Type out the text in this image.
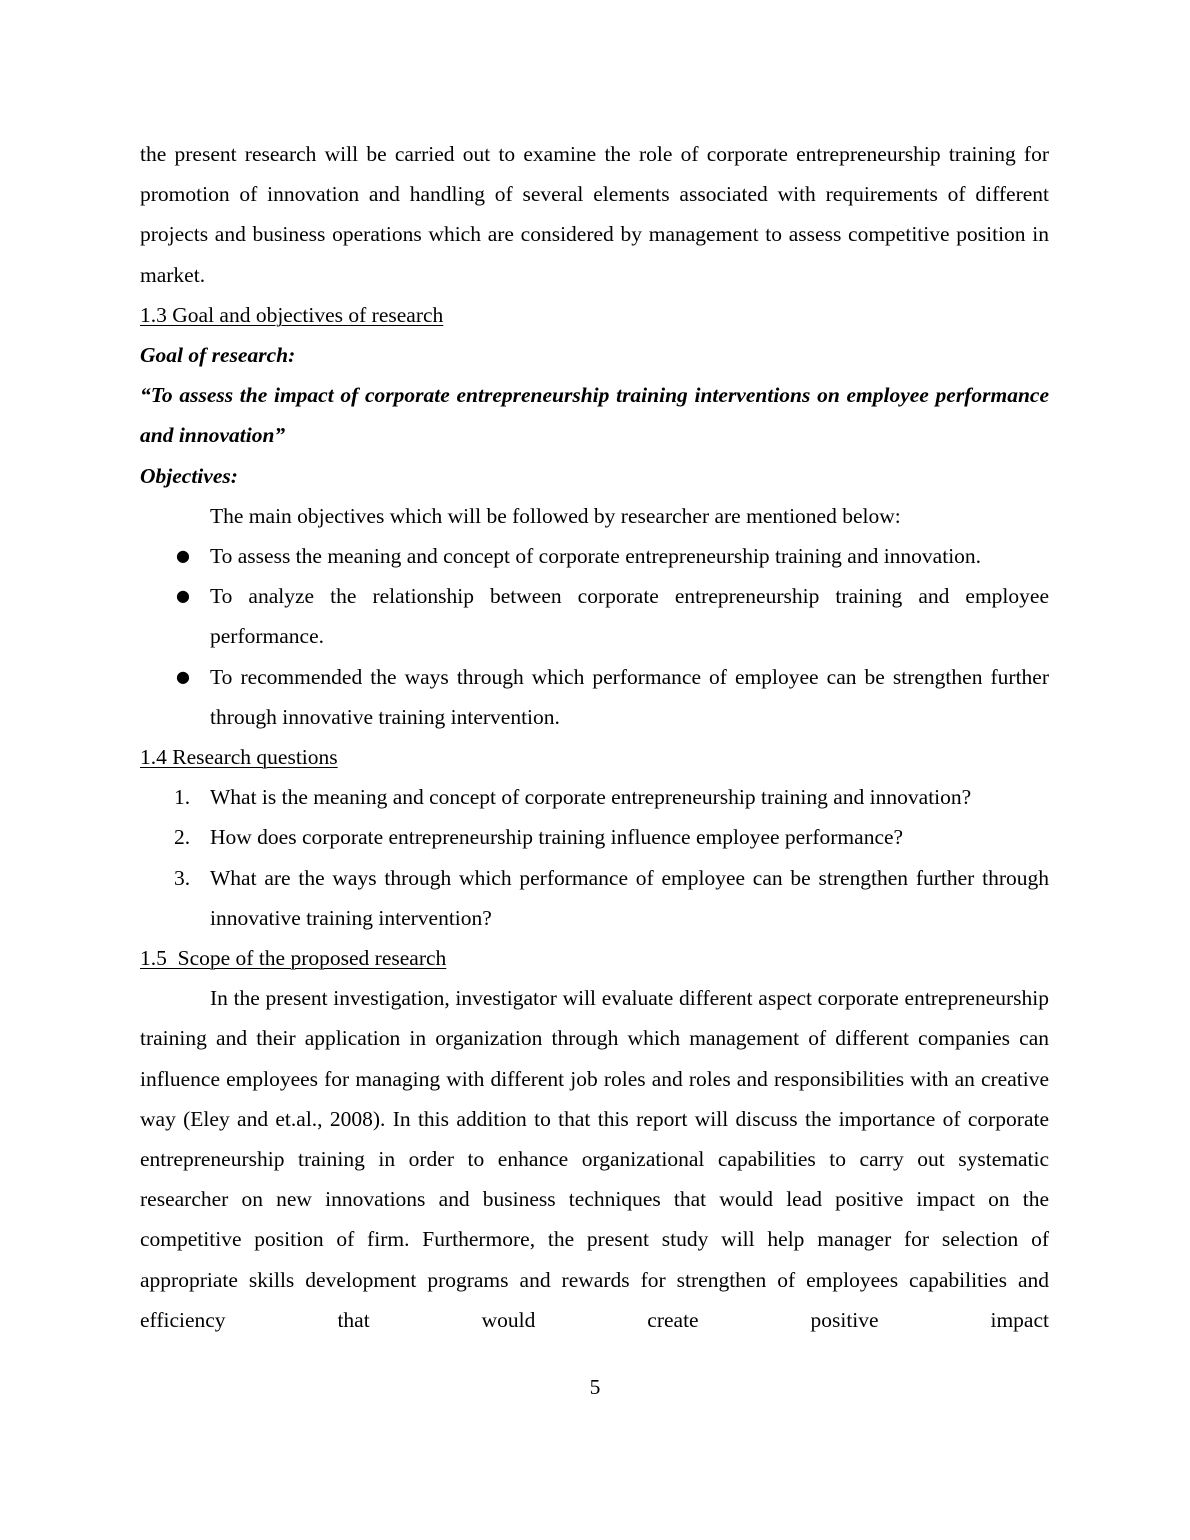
the present research will be carried out to examine the role of corporate entrepreneurship training for promotion of innovation and handling of several elements associated with requirements of different projects and business operations which are considered by management to assess competitive position in market.

1.3 Goal and objectives of research

Goal of research:

“To assess the impact of corporate entrepreneurship training interventions on employee performance and innovation”

Objectives:

The main objectives which will be followed by researcher are mentioned below:

● To assess the meaning and concept of corporate entrepreneurship training and innovation.

● To analyze the relationship between corporate entrepreneurship training and employee performance.

● To recommended the ways through which performance of employee can be strengthen further through innovative training intervention.

1.4 Research questions

1. What is the meaning and concept of corporate entrepreneurship training and innovation?

2. How does corporate entrepreneurship training influence employee performance?

3. What are the ways through which performance of employee can be strengthen further through innovative training intervention?

1.5  Scope of the proposed research

In the present investigation, investigator will evaluate different aspect corporate entrepreneurship training and their application in organization through which management of different companies can influence employees for managing with different job roles and roles and responsibilities with an creative way (Eley and et.al., 2008). In this addition to that this report will discuss the importance of corporate entrepreneurship training in order to enhance organizational capabilities to carry out systematic researcher on new innovations and business techniques that would lead positive impact on the competitive position of firm. Furthermore, the present study will help manager for selection of appropriate skills development programs and rewards for strengthen of employees capabilities and efficiency that would create positive impact

5
